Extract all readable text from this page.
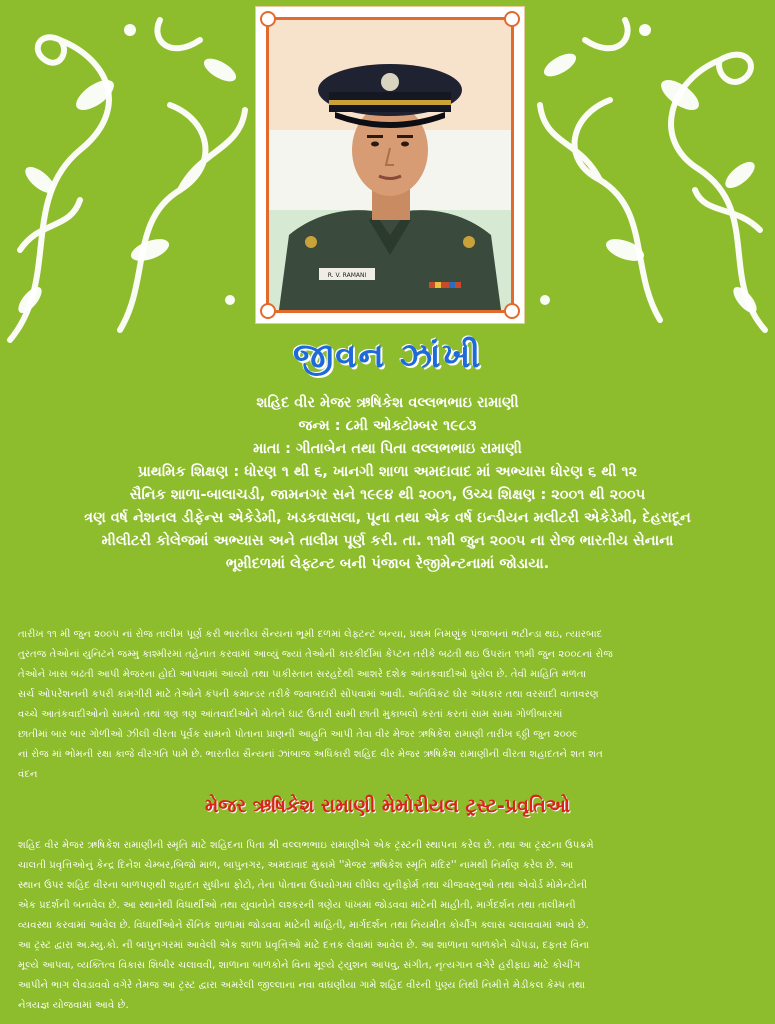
R. V. RAMANI
જીવન ઝાંખી
શહિદ વીર મેજર ઋષિકેશ વલ્લભભાઇ રામાણી
જન્મ : ૮મી ઓક્ટોમ્બર ૧૯૮૩
માતા : ગીતાબેન તથા પિતા વલ્લભભાઇ રામાણી
પ્રાથમિક શિક્ષણ : ધોરણ ૧ થી ૬, ખાનગી શાળા અમદાવાદ માં અભ્યાસ ધોરણ ૬ થી ૧૨
સૈનિક શાળા-બાલાચડી, જામનગર સને ૧૯૯૪ થી ૨૦૦૧, ઉચ્ચ શિક્ષણ : ૨૦૦૧ થી ૨૦૦૫
ત્રણ વર્ષ નેશનલ ડીફેન્સ એકેડેમી, ખડકવાસલા, પૂના તથા એક વર્ષ ઇન્ડીયન મલીટરી એકેડેમી, દેહરાદૂન
મીલીટરી કોલેજમાં અભ્યાસ અને તાલીમ પૂર્ણ કરી. તા. ૧૧મી જુન ૨૦૦૫ ના રોજ ભારતીય સેનાના
ભૂમીદળમાં લેફ્ટન્ટ બની પંજાબ રેજીમેન્ટનામાં જોડાયા.
તારીખ ૧૧ મી જુન ૨૦૦૫ નાં રોજ તાલીમ પૂર્ણ કરી ભારતીય સૈન્યનાં ભૂમી દળમાં લેફ્ટન્ટ બન્યા, પ્રથમ નિમણુંક પંજાબનાં ભટીન્ડા થઇ, ત્યારબાદ
તુરતજ તેઓનાં યુનિટને જમ્મુ કાશ્મીરમાં તહેનાત કરવામાં આવ્યું જ્યાં તેઓની કારકીર્દીમાં કેપ્ટન તરીકે બઢતી થઇ ઉપરાંત ૧૧મી જુન ૨૦૦૮નાં રોજ
તેઓને ખાસ બઢતી આપી મેજરના હોદો આપવામાં આવ્યો તથા પાકીસ્તાન સરહદેથી આશરે દશેક આંતકવાદીઓ ઘુસેલ છે. તેવી માહિતિ મળતા
સર્ચ ઓપરેશનની કપરી કામગીરી માટે તેઓને કંપની કમાન્ડર તરીકે જવાબદારી સોંપવામાં આવી. અતિવિકટ ઘોર અંધકાર તથા વરસાદી વાતાવરણ
વચ્ચે આતંકવાદીઓનો સામનો તથાં ત્રણ ત્રણ આંતવાદીઓને મોતને ઘાટ ઉતારી સામી છાતી મુકાબલો કરતાં કરતાં સામ સામા ગોળીબારમાં
છાતીમાં બાર બાર ગોળીઓ ઝીલી વીરતા પૂર્વક સામનો પોતાના પ્રાણની આહુતિ આપી તેવા વીર મેજર ઋષિકેશ રામાણી તારીખ ૬ઠ્ઠી જુન ૨૦૦૯
નાં રોજ માં ભોમની રક્ષા કાજે વીરગતિ પામે છે. ભારતીય સૈન્યનાં ઝાંબાજ અધિકારી શહિદ વીર મેજર ઋષિકેશ રામાણીની વીરતા શહાદતને શત શત
વંદન
મેજર ઋષિકેશ રામાણી મેમોરીયલ ટ્રસ્ટ-પ્રવૃતિઓ
શહિદ વીર મેજર ઋષિકેશ રામાણીની સ્મૃતિ માટે શહિદના પિતા શ્રી વલ્લભભાઇ રામાણીએ એક ટ્રસ્ટની સ્થાપના કરેલ છે. તથા આ ટ્રસ્ટના ઉપક્રમે
ચાલતી પ્રવૃત્તિઓનું કેન્દ્ર દિનેશ ચેમ્બર,બિજો માળ, બાપુનગર, અમદાવાદ મુકામે ''મેજર ઋષિકેશ સ્મૃતિ મંદિર'' નામથી નિર્માણ કરેલ છે. આ
સ્થાન ઉપર શહિદ વીરના બાળપણથી શહાદત સુધીના ફોટો, તેના પોતાના ઉપયોગમાં લીધેલ યુનીફોર્મ તથા ચીજવસ્તુઓ તથા એવોર્ડ મોમેન્ટોની
એક પ્રદર્શની બનાવેલ છે. આ સ્થાનેથી વિધાર્થીઓ તથા યુવાનોને લશ્કરની ત્રણેય પાંખમાં જોડવવા માટેની માહીતી, માર્ગદર્શન તથા તાલીમની
વ્યવસ્થા કરવામાં આવેલ છે. વિધાર્થીઓને સૈનિક શાળામાં જોડવવા માટેની માહિતી, માર્ગદર્શન તથા નિયમીત કોર્ચીંગ ક્લાસ ચલાવવામાં આવે છે.
આ ટ્રસ્ટ દ્વારા અ.મ્યુ.કો. ની બાપુનગરમાં આવેલી એક શાળા પ્રવૃત્તિઓ માટે દત્તક લેવામાં આવેલ છે. આ શાળાના બાળકોને ચોપડા, દફતર વિના
મૂલ્યે આપવા, વ્યક્તિત્વ વિકાસ શિબીર ચલાવવી, શાળાના બાળકોને વિના મૂલ્યે ટ્યુશન આપવુ, સંગીત, નૃત્યગાન વગેરે હરીફાઇ માટે કોચીંગ
આપીને ભાગ લેવડાવવો વગેરે તેમજ આ ટ્રસ્ટ દ્વારા અમરેલી જીલ્લાના નવા વાઘણીયા ગામે શહિદ વીરની પુણ્ય તિથી નિમીત્તે મેડીકલ કેમ્પ તથા
નેત્રયજ્ઞ યોજવામાં આવે છે.
